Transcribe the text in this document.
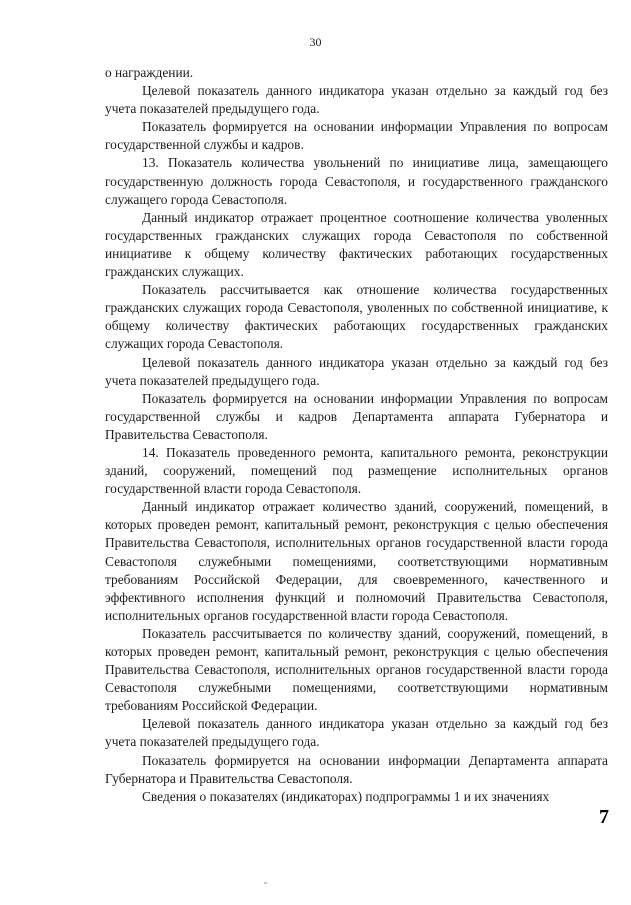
30

о награждении.

Целевой показатель данного индикатора указан отдельно за каждый год без учета показателей предыдущего года.

Показатель формируется на основании информации Управления по вопросам государственной службы и кадров.

13. Показатель количества увольнений по инициативе лица, замещающего государственную должность города Севастополя, и государственного гражданского служащего города Севастополя.

Данный индикатор отражает процентное соотношение количества уволенных государственных гражданских служащих города Севастополя по собственной инициативе к общему количеству фактических работающих государственных гражданских служащих.

Показатель рассчитывается как отношение количества государственных гражданских служащих города Севастополя, уволенных по собственной инициативе, к общему количеству фактических работающих государственных гражданских служащих города Севастополя.

Целевой показатель данного индикатора указан отдельно за каждый год без учета показателей предыдущего года.

Показатель формируется на основании информации Управления по вопросам государственной службы и кадров Департамента аппарата Губернатора и Правительства Севастополя.

14. Показатель проведенного ремонта, капитального ремонта, реконструкции зданий, сооружений, помещений под размещение исполнительных органов государственной власти города Севастополя.

Данный индикатор отражает количество зданий, сооружений, помещений, в которых проведен ремонт, капитальный ремонт, реконструкция с целью обеспечения Правительства Севастополя, исполнительных органов государственной власти города Севастополя служебными помещениями, соответствующими нормативным требованиям Российской Федерации, для своевременного, качественного и эффективного исполнения функций и полномочий Правительства Севастополя, исполнительных органов государственной власти города Севастополя.

Показатель рассчитывается по количеству зданий, сооружений, помещений, в которых проведен ремонт, капитальный ремонт, реконструкция с целью обеспечения Правительства Севастополя, исполнительных органов государственной власти города Севастополя служебными помещениями, соответствующими нормативным требованиям Российской Федерации.

Целевой показатель данного индикатора указан отдельно за каждый год без учета показателей предыдущего года.

Показатель формируется на основании информации Департамента аппарата Губернатора и Правительства Севастополя.

Сведения о показателях (индикаторах) подпрограммы 1 и их значениях

7
